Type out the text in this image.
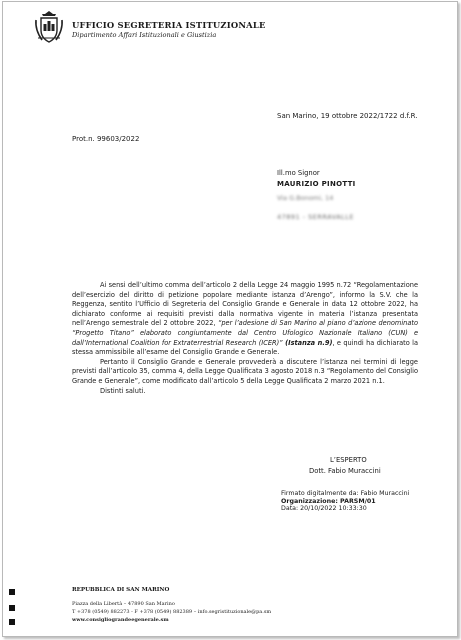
UFFICIO SEGRETERIA ISTITUZIONALE
Dipartimento Affari Istituzionali e Giustizia
San Marino, 19 ottobre 2022/1722 d.f.R.
Prot.n. 99603/2022
Ill.mo Signor
MAURIZIO PINOTTI
Via G.Bonomi, 14
47891 - SERRAVALLE

Ai sensi dell’ultimo comma dell’articolo 2 della Legge 24 maggio 1995 n.72 “Regolamentazione dell’esercizio del diritto di petizione popolare mediante istanza d’Arengo”, informo la S.V. che la Reggenza, sentito l’Ufficio di Segreteria del Consiglio Grande e Generale in data 12 ottobre 2022, ha dichiarato conforme ai requisiti previsti dalla normativa vigente in materia l’istanza presentata nell’Arengo semestrale del 2 ottobre 2022, “per l’adesione di San Marino al piano d’azione denominato “Progetto Titano” elaborato congiuntamente dal Centro Ufologico Nazionale Italiano (CUN) e dall’International Coalition for Extraterrestrial Research (ICER)” (Istanza n.9), e quindi ha dichiarato la stessa ammissibile all’esame del Consiglio Grande e Generale.

Pertanto il Consiglio Grande e Generale provvederà a discutere l’istanza nei termini di legge previsti dall’articolo 35, comma 4, della Legge Qualificata 3 agosto 2018 n.3 “Regolamento del Consiglio Grande e Generale”, come modificato dall’articolo 5 della Legge Qualificata 2 marzo 2021 n.1.

Distinti saluti.

L’ESPERTO
Dott. Fabio Muraccini
Firmato digitalmente da: Fabio Muraccini
Organizzazione: PARSM/01
Data: 20/10/2022 10:33:30
REPUBBLICA DI SAN MARINO
Piazza della Libertà – 47890 San Marino
T +378 (0549) 882273 - F +378 (0549) 882389 – info.segristituzionale@pa.sm
www.consigliograndeegenerale.sm
